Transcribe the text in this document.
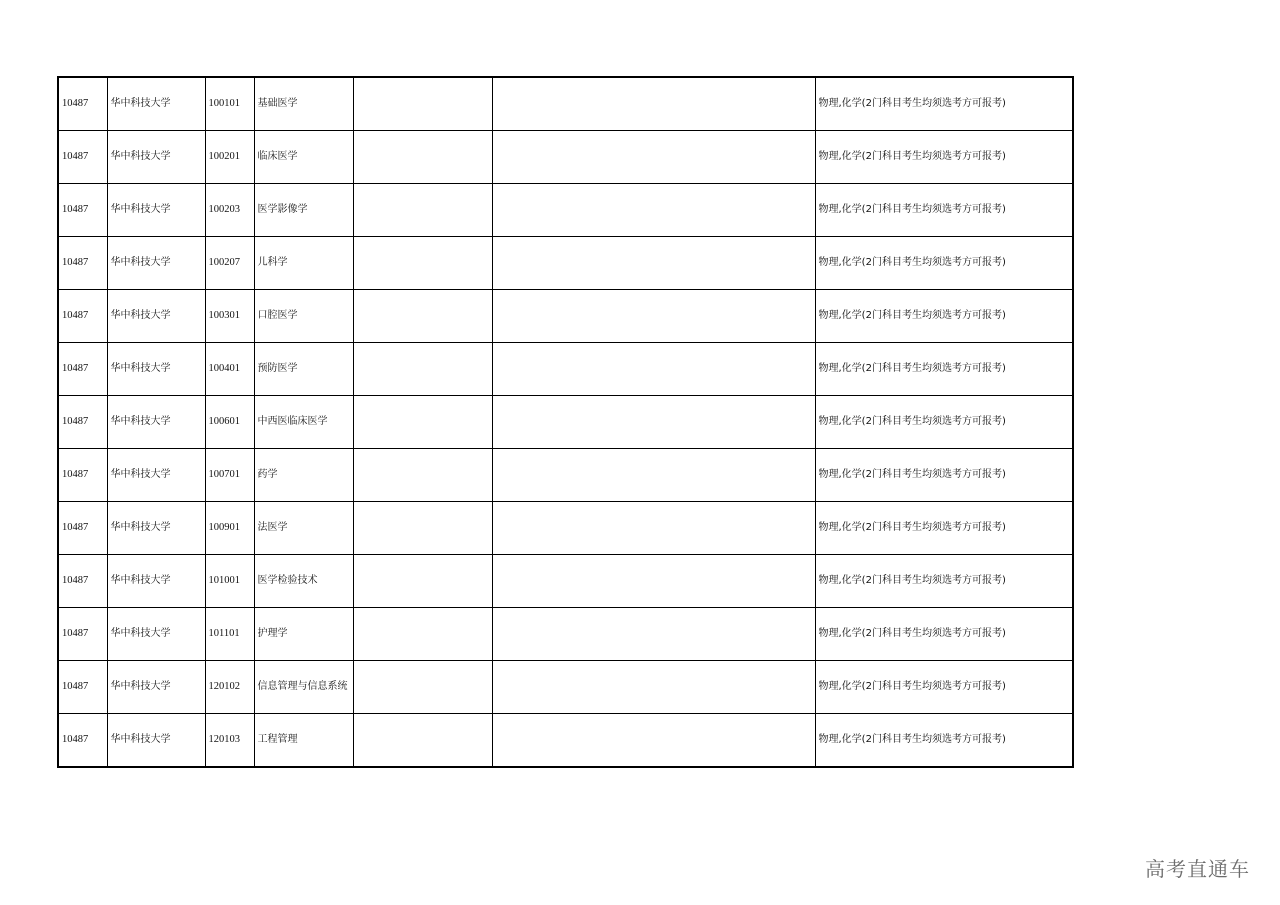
10487	华中科技大学	100101	基础医学			物理,化学(2门科目考生均须选考方可报考)
10487	华中科技大学	100201	临床医学			物理,化学(2门科目考生均须选考方可报考)
10487	华中科技大学	100203	医学影像学			物理,化学(2门科目考生均须选考方可报考)
10487	华中科技大学	100207	儿科学			物理,化学(2门科目考生均须选考方可报考)
10487	华中科技大学	100301	口腔医学			物理,化学(2门科目考生均须选考方可报考)
10487	华中科技大学	100401	预防医学			物理,化学(2门科目考生均须选考方可报考)
10487	华中科技大学	100601	中西医临床医学			物理,化学(2门科目考生均须选考方可报考)
10487	华中科技大学	100701	药学			物理,化学(2门科目考生均须选考方可报考)
10487	华中科技大学	100901	法医学			物理,化学(2门科目考生均须选考方可报考)
10487	华中科技大学	101001	医学检验技术			物理,化学(2门科目考生均须选考方可报考)
10487	华中科技大学	101101	护理学			物理,化学(2门科目考生均须选考方可报考)
10487	华中科技大学	120102	信息管理与信息系统			物理,化学(2门科目考生均须选考方可报考)
10487	华中科技大学	120103	工程管理			物理,化学(2门科目考生均须选考方可报考)
高考直通车
